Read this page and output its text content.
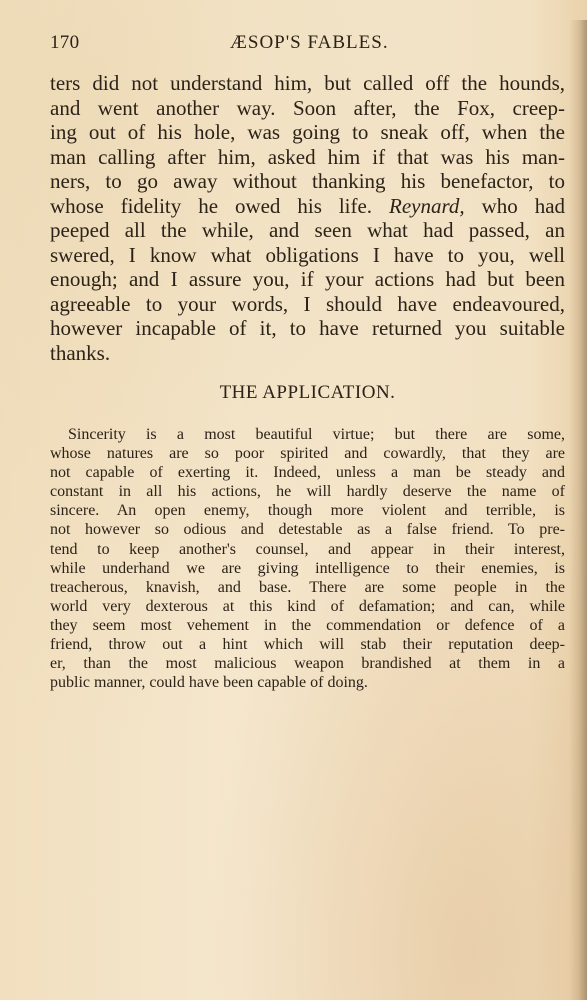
170	ÆSOP'S FABLES.
ters did not understand him, but called off the hounds,
and went another way. Soon after, the Fox, creep-
ing out of his hole, was going to sneak off, when the
man calling after him, asked him if that was his man-
ners, to go away without thanking his benefactor, to
whose fidelity he owed his life. Reynard, who had
peeped all the while, and seen what had passed, an
swered, I know what obligations I have to you, well
enough; and I assure you, if your actions had but been
agreeable to your words, I should have endeavoured,
however incapable of it, to have returned you suitable
thanks.
THE APPLICATION.
Sincerity is a most beautiful virtue; but there are some,
whose natures are so poor spirited and cowardly, that they are
not capable of exerting it. Indeed, unless a man be steady and
constant in all his actions, he will hardly deserve the name of
sincere. An open enemy, though more violent and terrible, is
not however so odious and detestable as a false friend. To pre-
tend to keep another's counsel, and appear in their interest,
while underhand we are giving intelligence to their enemies, is
treacherous, knavish, and base. There are some people in the
world very dexterous at this kind of defamation; and can, while
they seem most vehement in the commendation or defence of a
friend, throw out a hint which will stab their reputation deep-
er, than the most malicious weapon brandished at them in a
public manner, could have been capable of doing.
